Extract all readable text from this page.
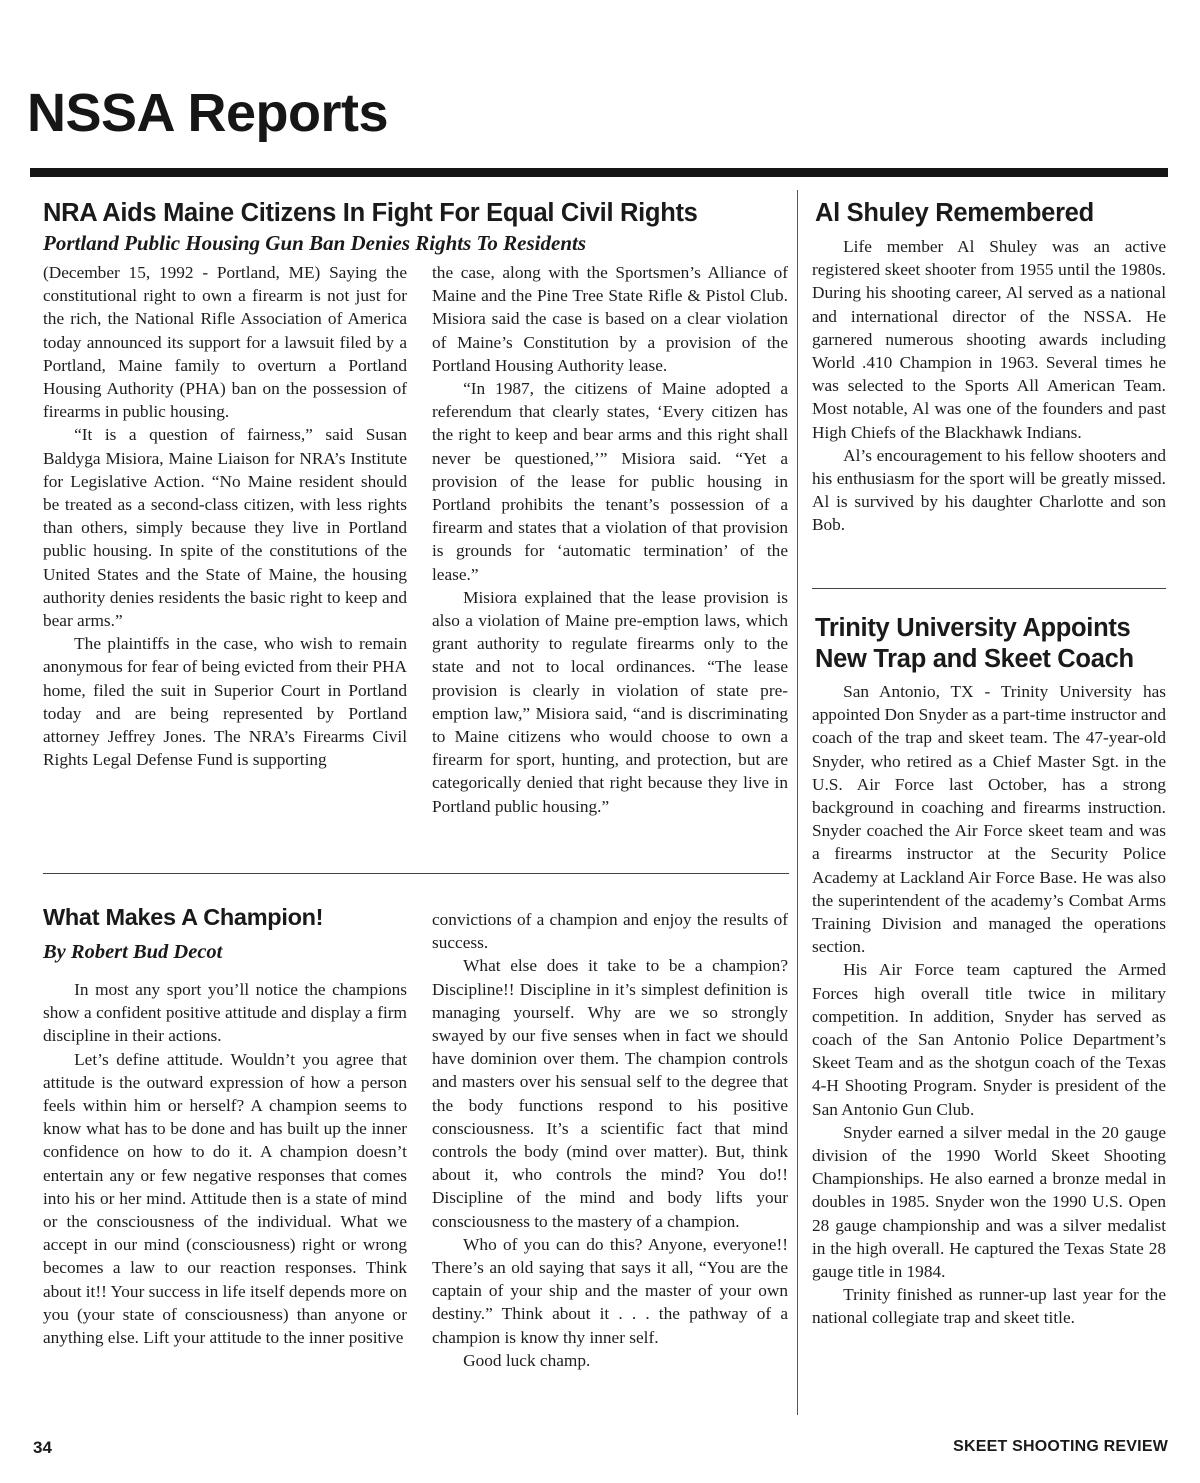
NSSA Reports
NRA Aids Maine Citizens In Fight For Equal Civil Rights
Portland Public Housing Gun Ban Denies Rights To Residents

(December 15, 1992 - Portland, ME) Saying the constitutional right to own a firearm is not just for the rich, the National Rifle Association of America today announced its support for a lawsuit filed by a Portland, Maine family to overturn a Portland Housing Authority (PHA) ban on the possession of firearms in public housing.

“It is a question of fairness,” said Susan Baldyga Misiora, Maine Liaison for NRA’s Institute for Legislative Action. “No Maine resident should be treated as a second-class citizen, with less rights than others, simply because they live in Portland public housing. In spite of the constitutions of the United States and the State of Maine, the housing authority denies residents the basic right to keep and bear arms.”

The plaintiffs in the case, who wish to remain anonymous for fear of being evicted from their PHA home, filed the suit in Superior Court in Portland today and are being represented by Portland attorney Jeffrey Jones. The NRA’s Firearms Civil Rights Legal Defense Fund is supporting

the case, along with the Sportsmen’s Alliance of Maine and the Pine Tree State Rifle & Pistol Club. Misiora said the case is based on a clear violation of Maine’s Constitution by a provision of the Portland Housing Authority lease.

“In 1987, the citizens of Maine adopted a referendum that clearly states, ‘Every citizen has the right to keep and bear arms and this right shall never be questioned,’” Misiora said. “Yet a provision of the lease for public housing in Portland prohibits the tenant’s possession of a firearm and states that a violation of that provision is grounds for ‘automatic termination’ of the lease.”

Misiora explained that the lease provision is also a violation of Maine pre-emption laws, which grant authority to regulate firearms only to the state and not to local ordinances. “The lease provision is clearly in violation of state pre-emption law,” Misiora said, “and is discriminating to Maine citizens who would choose to own a firearm for sport, hunting, and protection, but are categorically denied that right because they live in Portland public housing.”

What Makes A Champion!
By Robert Bud Decot

In most any sport you’ll notice the champions show a confident positive attitude and display a firm discipline in their actions.

Let’s define attitude. Wouldn’t you agree that attitude is the outward expression of how a person feels within him or herself? A champion seems to know what has to be done and has built up the inner confidence on how to do it. A champion doesn’t entertain any or few negative responses that comes into his or her mind. Attitude then is a state of mind or the consciousness of the individual. What we accept in our mind (consciousness) right or wrong becomes a law to our reaction responses. Think about it!! Your success in life itself depends more on you (your state of consciousness) than anyone or anything else. Lift your attitude to the inner positive

convictions of a champion and enjoy the results of success.

What else does it take to be a champion? Discipline!! Discipline in it’s simplest definition is managing yourself. Why are we so strongly swayed by our five senses when in fact we should have dominion over them. The champion controls and masters over his sensual self to the degree that the body functions respond to his positive consciousness. It’s a scientific fact that mind controls the body (mind over matter). But, think about it, who controls the mind? You do!! Discipline of the mind and body lifts your consciousness to the mastery of a champion.

Who of you can do this? Anyone, everyone!! There’s an old saying that says it all, “You are the captain of your ship and the master of your own destiny.” Think about it . . . the pathway of a champion is know thy inner self.

Good luck champ.

Al Shuley Remembered

Life member Al Shuley was an active registered skeet shooter from 1955 until the 1980s. During his shooting career, Al served as a national and international director of the NSSA. He garnered numerous shooting awards including World .410 Champion in 1963. Several times he was selected to the Sports All American Team. Most notable, Al was one of the founders and past High Chiefs of the Blackhawk Indians.

Al’s encouragement to his fellow shooters and his enthusiasm for the sport will be greatly missed. Al is survived by his daughter Charlotte and son Bob.

Trinity University Appoints
New Trap and Skeet Coach

San Antonio, TX - Trinity University has appointed Don Snyder as a part-time instructor and coach of the trap and skeet team. The 47-year-old Snyder, who retired as a Chief Master Sgt. in the U.S. Air Force last October, has a strong background in coaching and firearms instruction. Snyder coached the Air Force skeet team and was a firearms instructor at the Security Police Academy at Lackland Air Force Base. He was also the superintendent of the academy’s Combat Arms Training Division and managed the operations section.

His Air Force team captured the Armed Forces high overall title twice in military competition. In addition, Snyder has served as coach of the San Antonio Police Department’s Skeet Team and as the shotgun coach of the Texas 4-H Shooting Program. Snyder is president of the San Antonio Gun Club.

Snyder earned a silver medal in the 20 gauge division of the 1990 World Skeet Shooting Championships. He also earned a bronze medal in doubles in 1985. Snyder won the 1990 U.S. Open 28 gauge championship and was a silver medalist in the high overall. He captured the Texas State 28 gauge title in 1984.

Trinity finished as runner-up last year for the national collegiate trap and skeet title.

34	SKEET SHOOTING REVIEW
